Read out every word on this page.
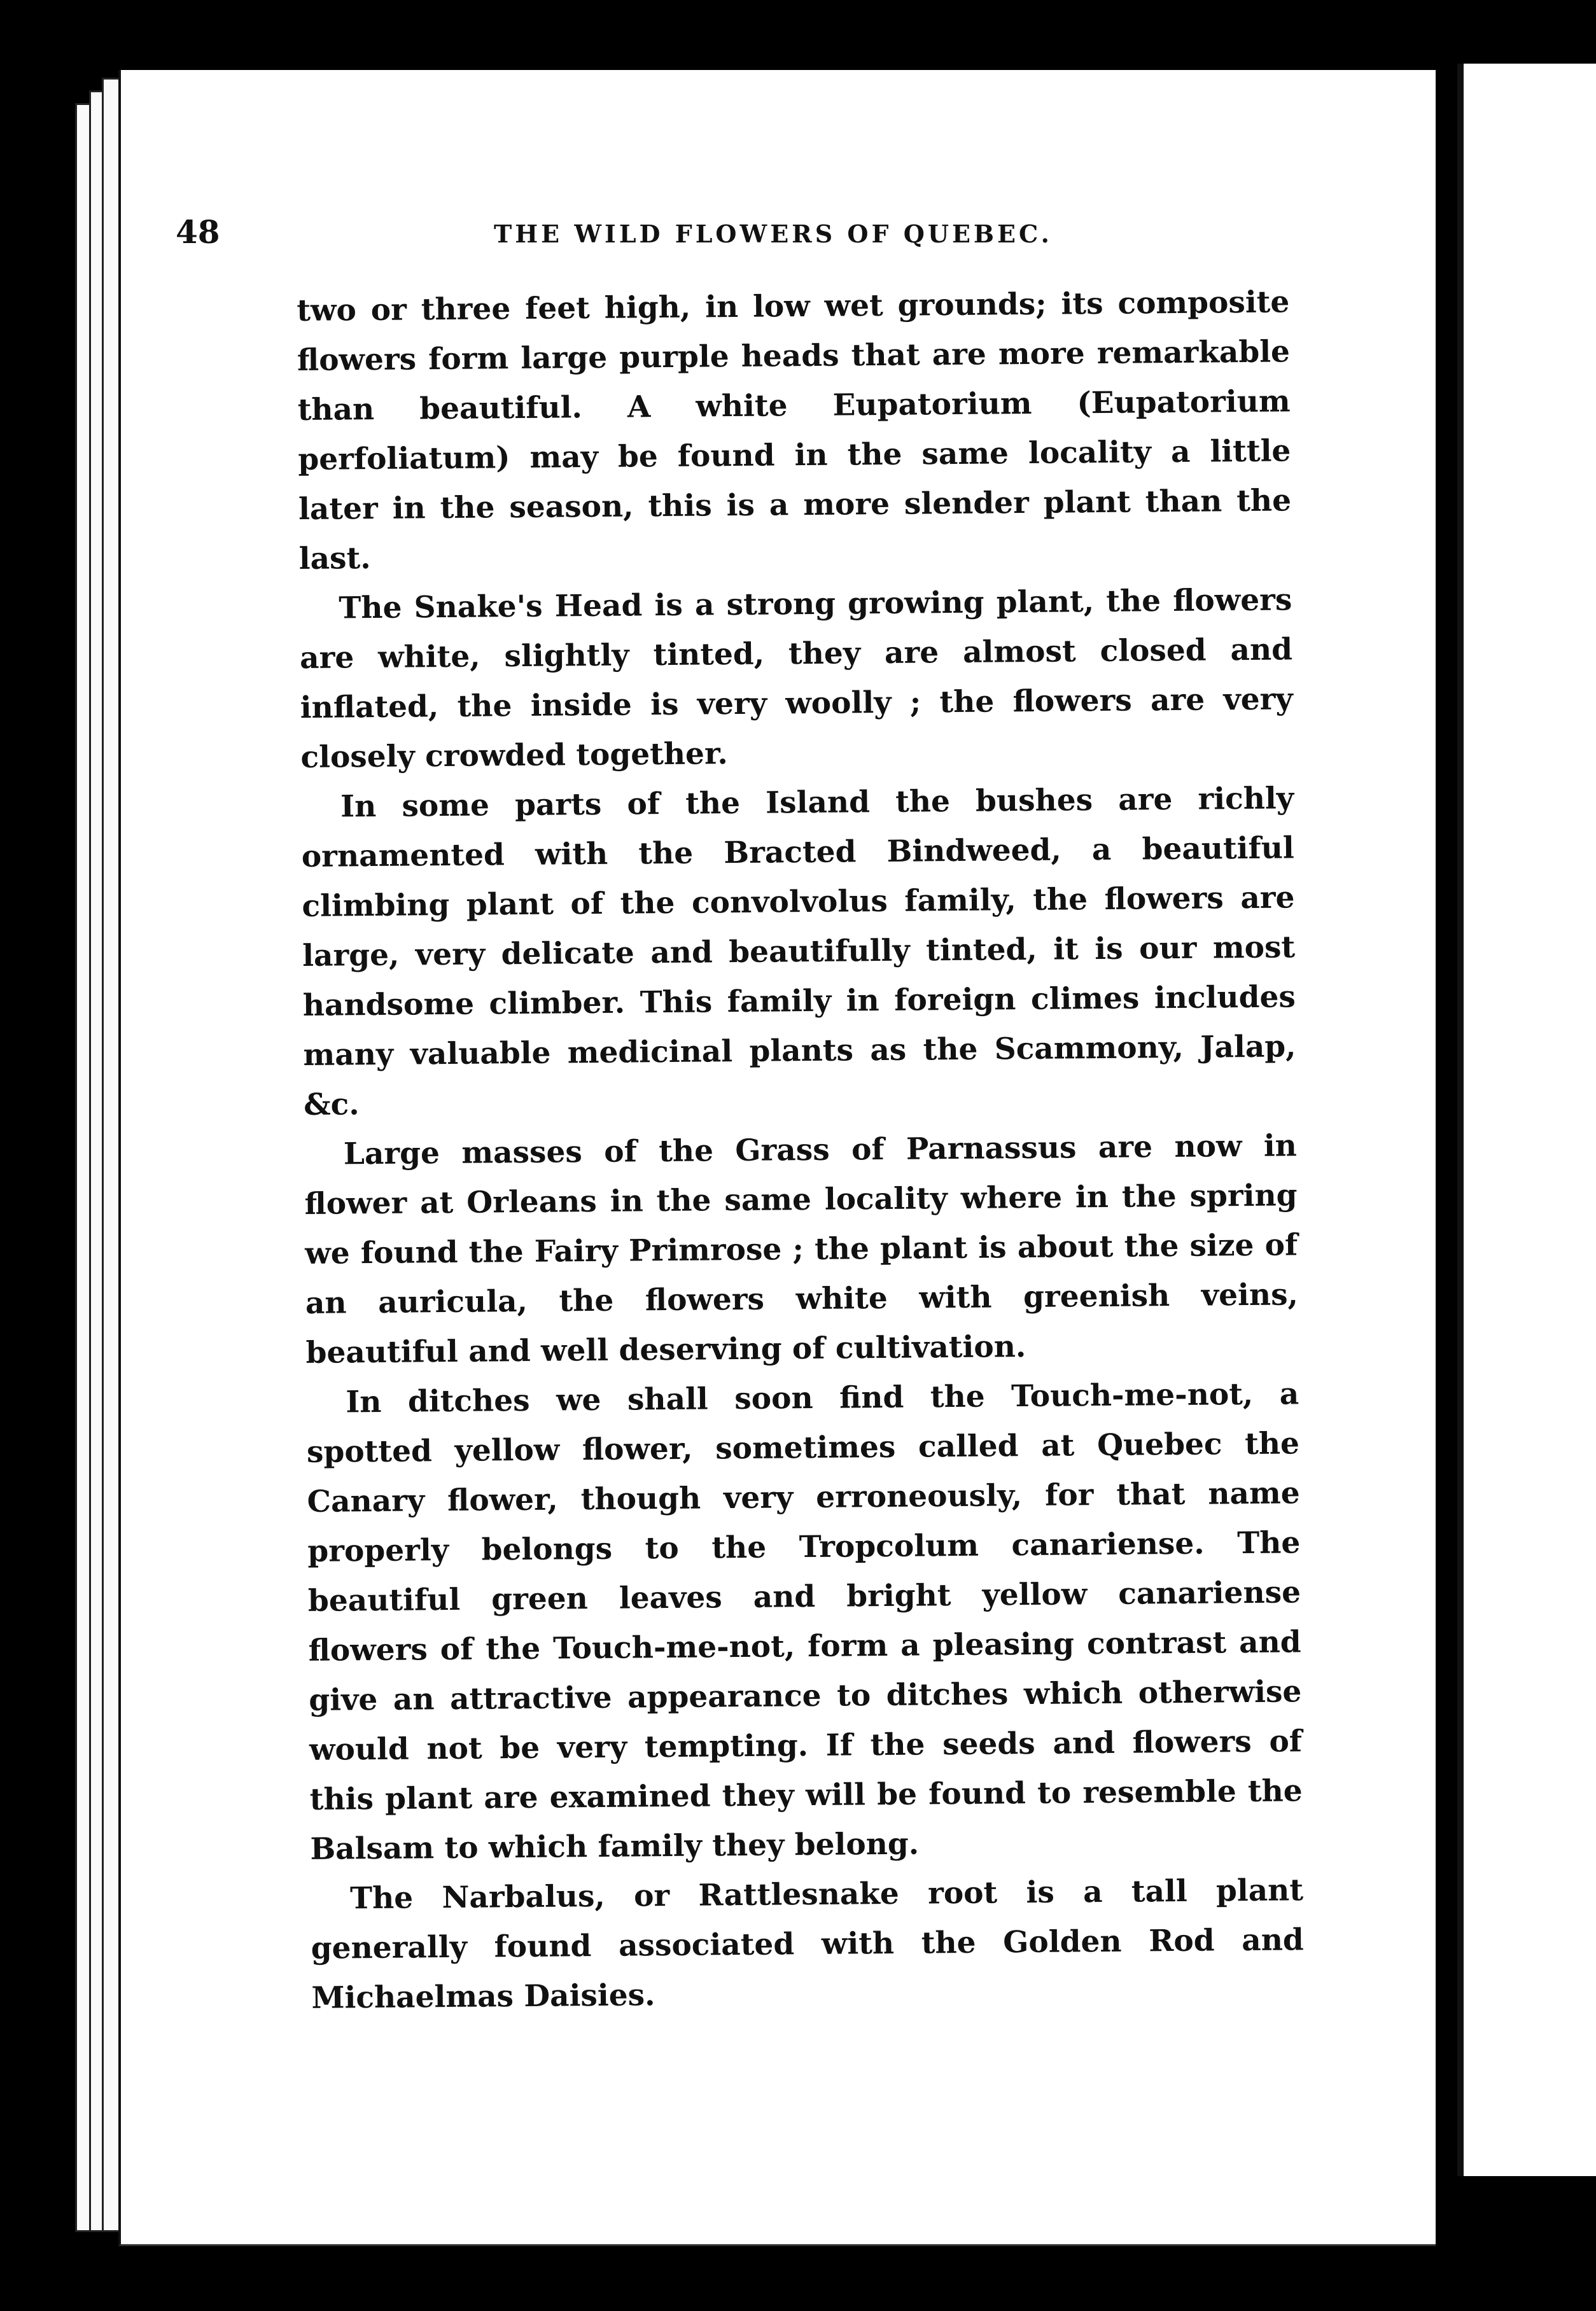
48	THE WILD FLOWERS OF QUEBEC.

two or three feet high, in low wet grounds; its composite flowers form large purple heads that are more remarkable than beautiful. A white Eupatorium (Eupatorium perfoliatum) may be found in the same locality a little later in the season, this is a more slender plant than the last.

The Snake's Head is a strong growing plant, the flowers are white, slightly tinted, they are almost closed and inflated, the inside is very woolly ; the flowers are very closely crowded together.

In some parts of the Island the bushes are richly ornamented with the Bracted Bindweed, a beautiful climbing plant of the convolvolus family, the flowers are large, very delicate and beautifully tinted, it is our most handsome climber. This family in foreign climes includes many valuable medicinal plants as the Scammony, Jalap, &c.

Large masses of the Grass of Parnassus are now in flower at Orleans in the same locality where in the spring we found the Fairy Primrose ; the plant is about the size of an auricula, the flowers white with greenish veins, beautiful and well deserving of cultivation.

In ditches we shall soon find the Touch-me-not, a spotted yellow flower, sometimes called at Quebec the Canary flower, though very erroneously, for that name properly belongs to the Tropcolum canariense. The beautiful green leaves and bright yellow canariense flowers of the Touch-me-not, form a pleasing contrast and give an attractive appearance to ditches which otherwise would not be very tempting. If the seeds and flowers of this plant are examined they will be found to resemble the Balsam to which family they belong.

The Narbalus, or Rattlesnake root is a tall plant generally found associated with the Golden Rod and Michaelmas Daisies.
